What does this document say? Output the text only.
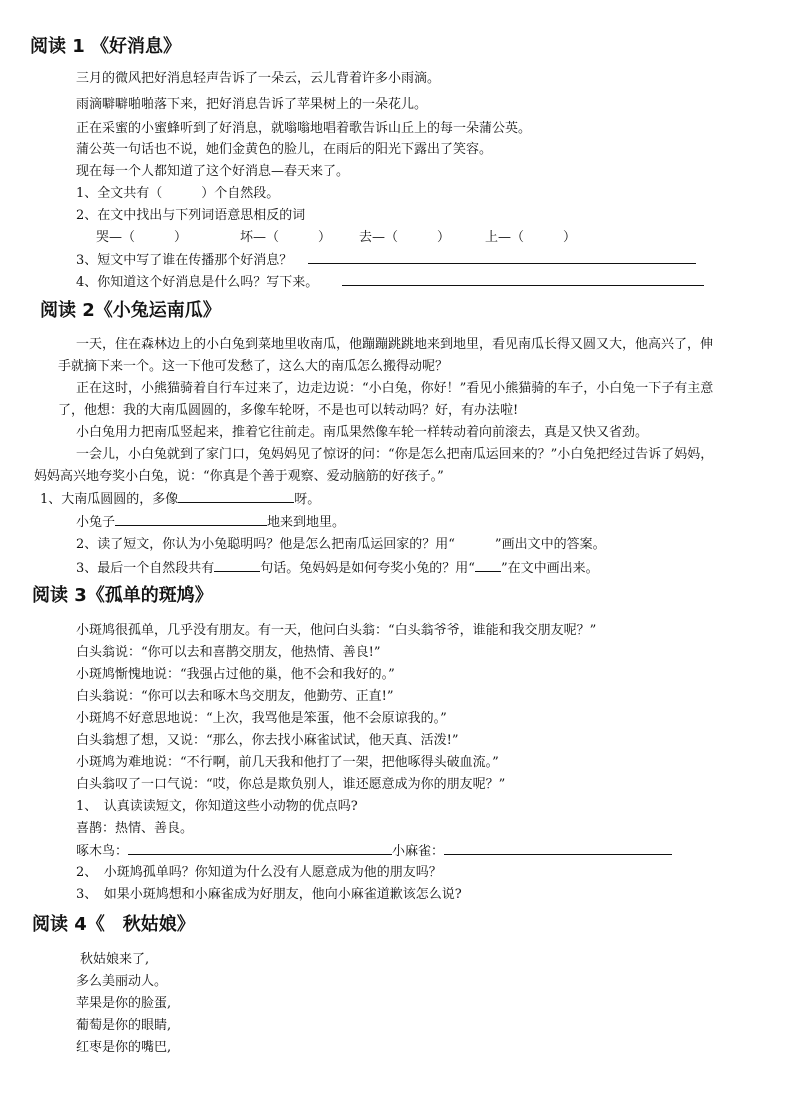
阅读 1 《好消息》
三月的微风把好消息轻声告诉了一朵云，云儿背着许多小雨滴。
雨滴噼噼啪啪落下来，把好消息告诉了苹果树上的一朵花儿。
正在采蜜的小蜜蜂听到了好消息，就嗡嗡地唱着歌告诉山丘上的每一朵蒲公英。
蒲公英一句话也不说，她们金黄色的脸儿，在雨后的阳光下露出了笑容。
现在每一个人都知道了这个好消息—春天来了。
1、全文共有（　　　）个自然段。
2、在文中找出与下列词语意思相反的词
哭—（　　　）	坏—（　　　） 去—（　　　）	上—（　　　）
3、短文中写了谁在传播那个好消息？
4、你知道这个好消息是什么吗？写下来。
阅读 2《小兔运南瓜》
一天，住在森林边上的小白兔到菜地里收南瓜，他蹦蹦跳跳地来到地里，看见南瓜长得又圆又大，他高兴了，伸
手就摘下来一个。这一下他可发愁了，这么大的南瓜怎么搬得动呢？
正在这时，小熊猫骑着自行车过来了，边走边说：“小白兔，你好！”看见小熊猫骑的车子，小白兔一下子有主意
了，他想：我的大南瓜圆圆的，多像车轮呀，不是也可以转动吗？好，有办法啦!
小白兔用力把南瓜竖起来，推着它往前走。南瓜果然像车轮一样转动着向前滚去，真是又快又省劲。
一会儿，小白兔就到了家门口，兔妈妈见了惊讶的问：“你是怎么把南瓜运回来的？”小白兔把经过告诉了妈妈，
妈妈高兴地夸奖小白兔，说：“你真是个善于观察、爱动脑筋的好孩子。”
1、大南瓜圆圆的，多像	呀。
小兔子	地来到地里。
2、读了短文，你认为小兔聪明吗？他是怎么把南瓜运回家的？用“	”画出文中的答案。
3、最后一个自然段共有	句话。兔妈妈是如何夸奖小兔的？用“ ”在文中画出来。
阅读 3《孤单的斑鸠》
小斑鸠很孤单，几乎没有朋友。有一天，他问白头翁：“白头翁爷爷，谁能和我交朋友呢？”
白头翁说：“你可以去和喜鹊交朋友，他热情、善良!”
小斑鸠惭愧地说：“我强占过他的巢，他不会和我好的。”
白头翁说：“你可以去和啄木鸟交朋友，他勤劳、正直!”
小斑鸠不好意思地说：“上次，我骂他是笨蛋，他不会原谅我的。”
白头翁想了想，又说：“那么，你去找小麻雀试试，他天真、活泼!”
小斑鸠为难地说：“不行啊，前几天我和他打了一架，把他啄得头破血流。”
白头翁叹了一口气说：“哎，你总是欺负别人，谁还愿意成为你的朋友呢？”
1、　认真读读短文，你知道这些小动物的优点吗?
喜鹊：热情、善良。
啄木鸟：	小麻雀：
2、　小斑鸠孤单吗？你知道为什么没有人愿意成为他的朋友吗？
3、　如果小斑鸠想和小麻雀成为好朋友，他向小麻雀道歉该怎么说?
阅读 4《　秋姑娘》
秋姑娘来了,
多么美丽动人。
苹果是你的脸蛋,
葡萄是你的眼睛,
红枣是你的嘴巴,
